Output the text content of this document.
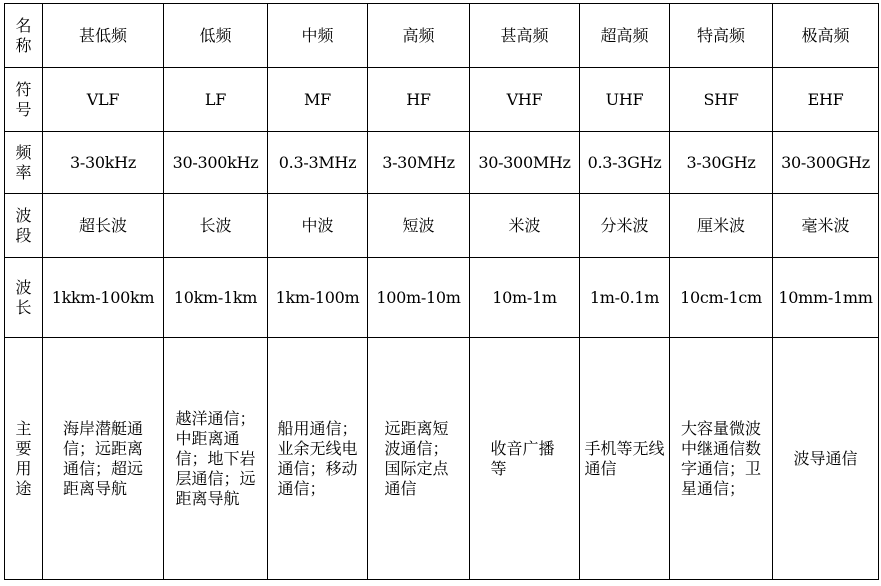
名称	甚低频	低频	中频	高频	甚高频	超高频	特高频	极高频

符号	VLF	LF	MF	HF	VHF	UHF	SHF	EHF

频率	3-30kHz	30-300kHz	0.3-3MHz	3-30MHz	30-300MHz	0.3-3GHz	3-30GHz	30-300GHz

波段	超长波	长波	中波	短波	米波	分米波	厘米波	毫米波

波长	1kkm-100km	10km-1km	1km-100m	100m-10m	10m-1m	1m-0.1m	10cm-1cm	10mm-1mm

主要用途	海岸潜艇通信；远距离通信；超远距离导航	越洋通信；中距离通信；地下岩层通信；远距离导航	船用通信；业余无线电通信；移动通信；	远距离短波通信；国际定点通信	收音广播等	手机等无线通信	大容量微波中继通信数字通信；卫星通信；	波导通信
